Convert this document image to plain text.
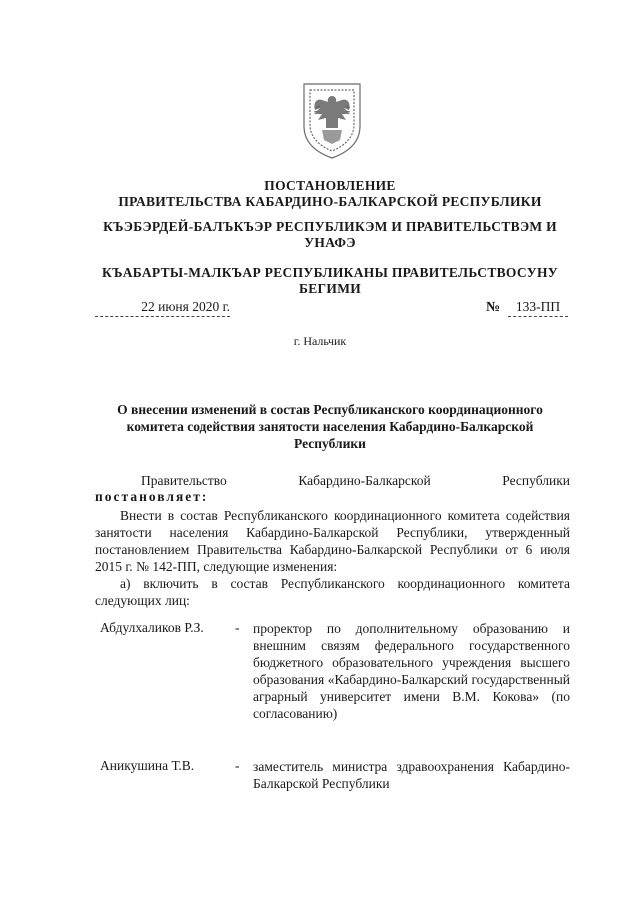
ПОСТАНОВЛЕНИЕ
ПРАВИТЕЛЬСТВА КАБАРДИНО-БАЛКАРСКОЙ РЕСПУБЛИКИ
КЪЭБЭРДЕЙ-БАЛЪКЪЭР РЕСПУБЛИКЭМ И ПРАВИТЕЛЬСТВЭМ И УНАФЭ
КЪАБАРТЫ-МАЛКЪАР РЕСПУБЛИКАНЫ ПРАВИТЕЛЬСТВОСУНУ БЕГИМИ
22 июня 2020 г.	№	133-ПП
г. Нальчик
О внесении изменений в состав Республиканского координационного комитета содействия занятости населения Кабардино-Балкарской Республики
Правительство	Кабардино-Балкарской	Республики
постановляет:
Внести в состав Республиканского координационного комитета содействия занятости населения Кабардино-Балкарской Республики, утвержденный постановлением Правительства Кабардино-Балкарской Республики от 6 июля 2015 г. № 142-ПП, следующие изменения:
а) включить в состав Республиканского координационного комитета следующих лиц:
Абдулхаликов Р.З. - проректор по дополнительному образованию и внешним связям федерального государственного бюджетного образовательного учреждения высшего образования «Кабардино-Балкарский государственный аграрный университет имени В.М. Кокова» (по согласованию)
Аникушина Т.В.	- заместитель министра здравоохранения Кабардино-Балкарской Республики
